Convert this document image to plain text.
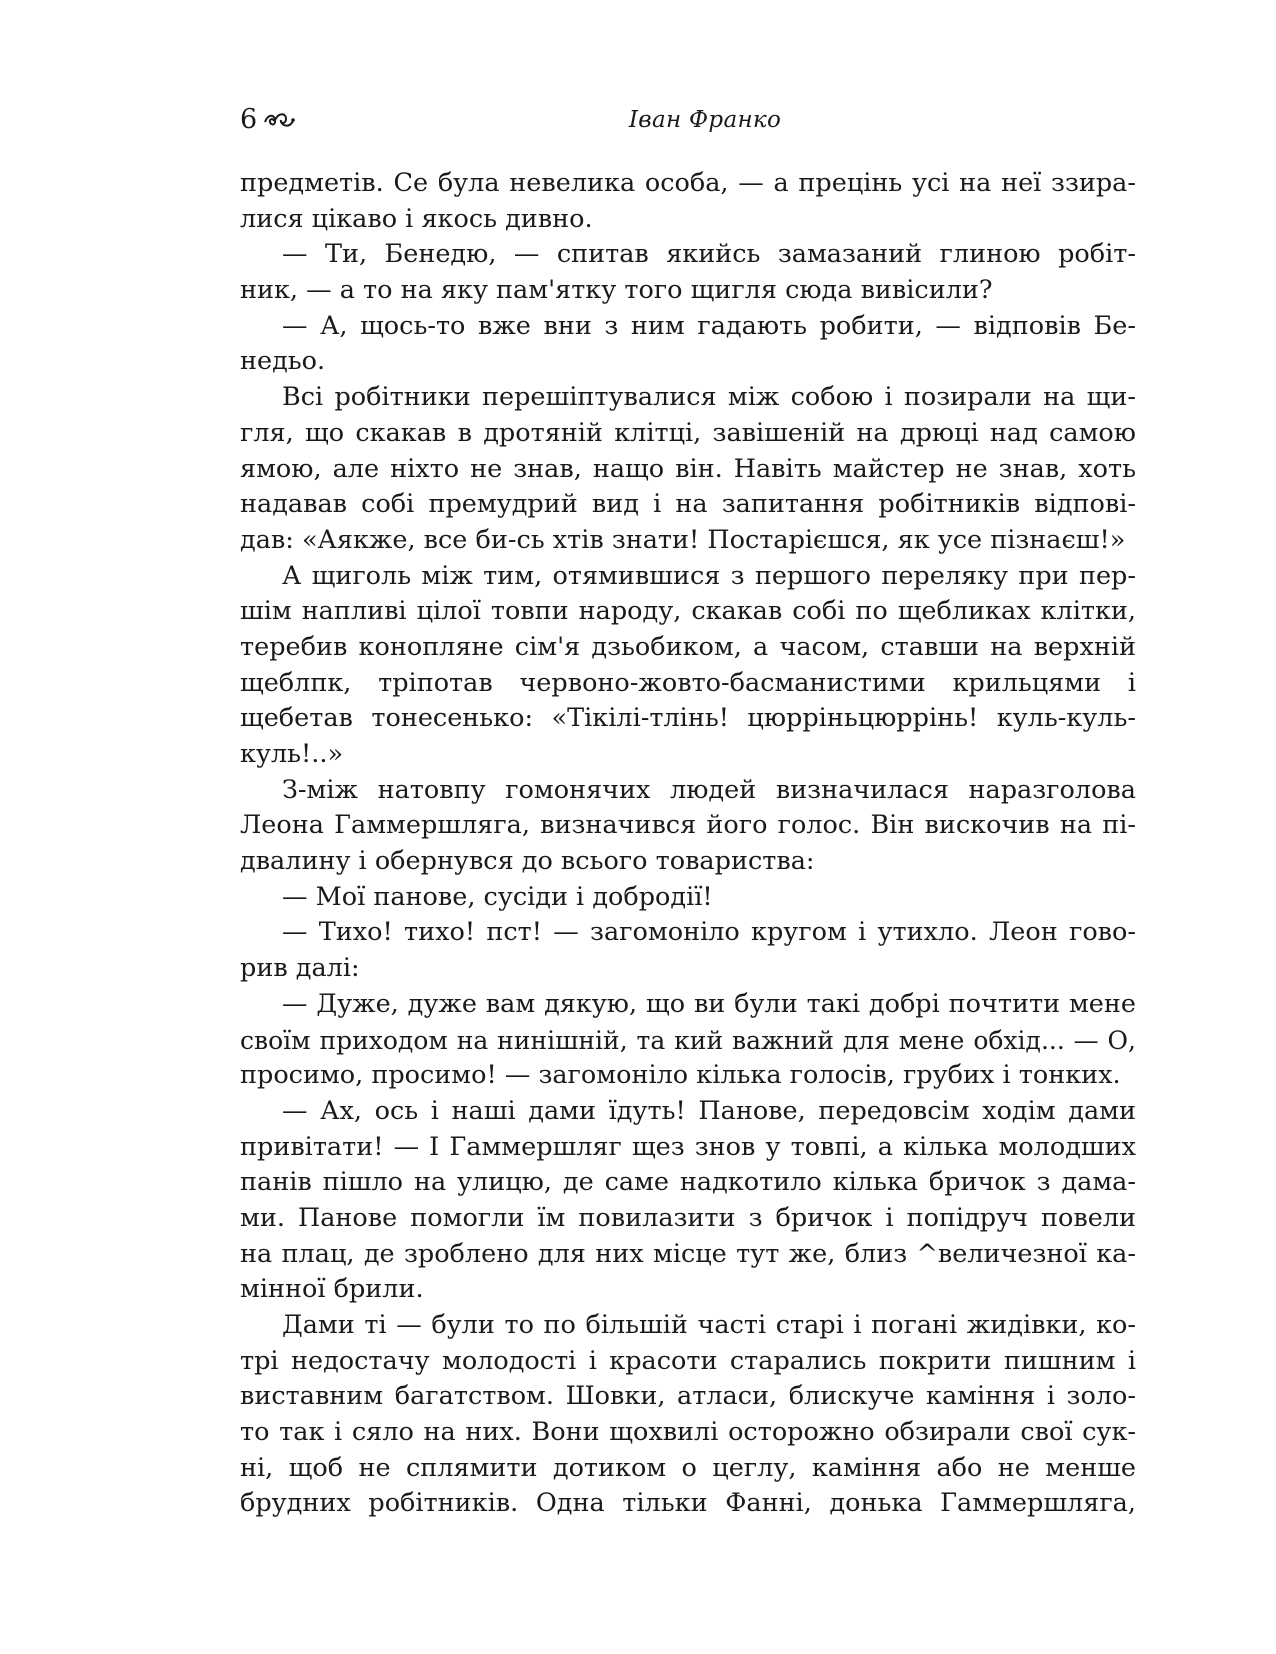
6	Іван Франко
предметів. Се була невелика особа, — а прецінь усі на неї ззира-
лися цікаво і якось дивно.
— Ти, Бенедю, — спитав якийсь замазаний глиною робіт-
ник, — а то на яку пам'ятку того щигля сюда вивісили?
— А, щось-то вже вни з ним гадають робити, — відповів Бе-
недьо.
Всі робітники перешіптувалися між собою і позирали на щи-
гля, що скакав в дротяній клітці, завішеній на дрюці над самою
ямою, але ніхто не знав, нащо він. Навіть майстер не знав, хоть
надавав собі премудрий вид і на запитання робітників відпові-
дав: «Аякже, все би-сь хтів знати! Постарієшся, як усе пізнаєш!»
А щиголь між тим, отямившися з першого переляку при пер-
шім напливі цілої товпи народу, скакав собі по щебликах клітки,
теребив конопляне сім'я дзьобиком, а часом, ставши на верхній
щеблпк, тріпотав червоно-жовто-басманистими крильцями і
щебетав тонесенько: «Тікілі-тлінь! цюрріньцюррінь! куль-куль-
куль!..»
З-між натовпу гомонячих людей визначилася наразголова
Леона Гаммершляга, визначився його голос. Він вискочив на пі-
двалину і обернувся до всього товариства:
— Мої панове, сусіди і добродії!
— Тихо! тихо! пст! — загомоніло кругом і утихло. Леон гово-
рив далі:
— Дуже, дуже вам дякую, що ви були такі добрі почтити мене
своїм приходом на нинішній, та кий важний для мене обхід... — О,
просимо, просимо! — загомоніло кілька голосів, грубих і тонких.
— Ах, ось і наші дами їдуть! Панове, передовсім ходім дами
привітати! — І Гаммершляг щез знов у товпі, а кілька молодших
панів пішло на улицю, де саме надкотило кілька бричок з дама-
ми. Панове помогли їм повилазити з бричок і попідруч повели
на плац, де зроблено для них місце тут же, близ ^величезної ка-
мінної брили.
Дами ті — були то по більшій часті старі і погані жидівки, ко-
трі недостачу молодості і красоти старались покрити пишним і
виставним багатством. Шовки, атласи, блискуче каміння і золо-
то так і сяло на них. Вони щохвилі осторожно обзирали свої сук-
ні, щоб не сплямити дотиком о цеглу, каміння або не менше
брудних робітників. Одна тільки Фанні, донька Гаммершляга,
